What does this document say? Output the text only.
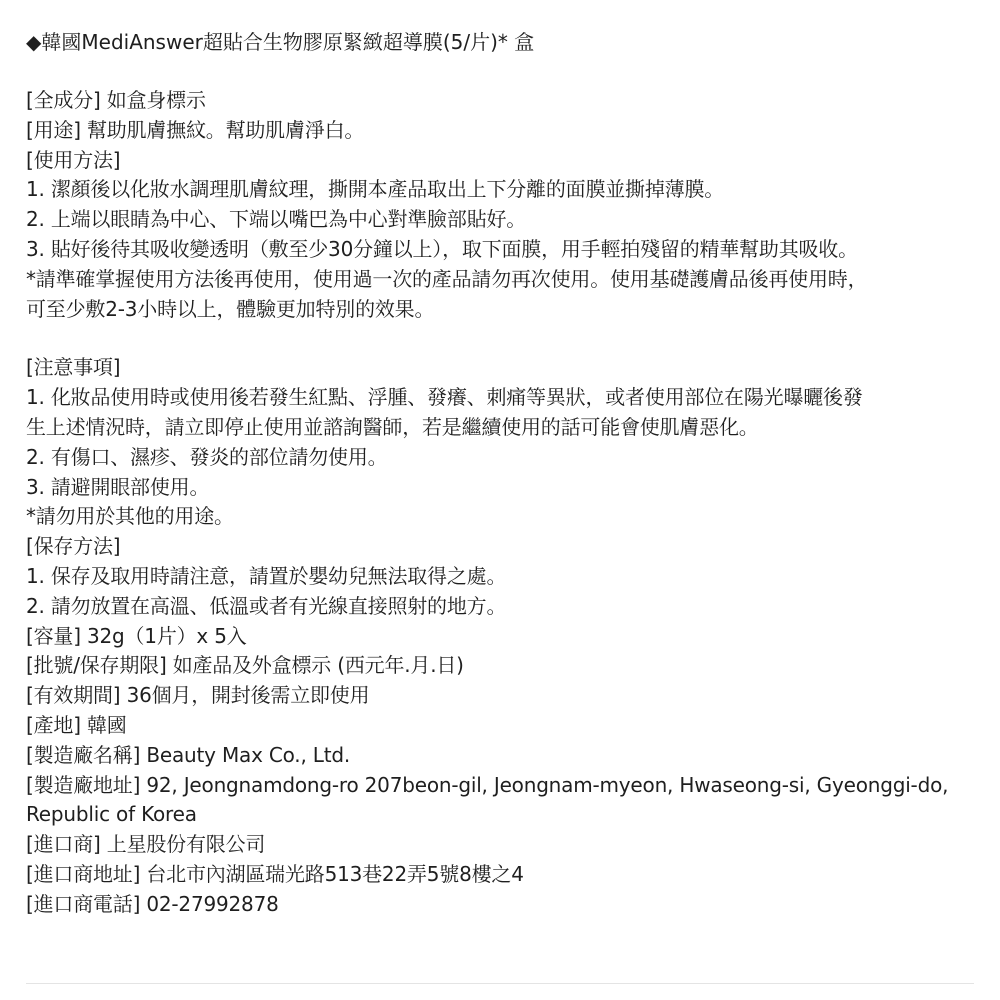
◆韓國MediAnswer超貼合生物膠原緊緻超導膜(5/片)* 盒
[全成分] 如盒身標示
[用途] 幫助肌膚撫紋。幫助肌膚淨白。
[使用方法]
1. 潔顏後以化妝水調理肌膚紋理，撕開本產品取出上下分離的面膜並撕掉薄膜。
2. 上端以眼睛為中心、下端以嘴巴為中心對準臉部貼好。
3. 貼好後待其吸收變透明（敷至少30分鐘以上），取下面膜，用手輕拍殘留的精華幫助其吸收。
*請準確掌握使用方法後再使用，使用過一次的產品請勿再次使用。使用基礎護膚品後再使用時，
可至少敷2-3小時以上，體驗更加特別的效果。
[注意事項]
1. 化妝品使用時或使用後若發生紅點、浮腫、發癢、刺痛等異狀，或者使用部位在陽光曝曬後發
生上述情況時，請立即停止使用並諮詢醫師，若是繼續使用的話可能會使肌膚惡化。
2. 有傷口、濕疹、發炎的部位請勿使用。
3. 請避開眼部使用。
*請勿用於其他的用途。
[保存方法]
1. 保存及取用時請注意，請置於嬰幼兒無法取得之處。
2. 請勿放置在高溫、低溫或者有光線直接照射的地方。
[容量] 32g（1片）x 5入
[批號/保存期限] 如產品及外盒標示 (西元年.月.日)
[有效期間] 36個月，開封後需立即使用
[產地] 韓國
[製造廠名稱] Beauty Max Co., Ltd.
[製造廠地址] 92, Jeongnamdong-ro 207beon-gil, Jeongnam-myeon, Hwaseong-si, Gyeonggi-do,
Republic of Korea
[進口商] 上星股份有限公司
[進口商地址] 台北市內湖區瑞光路513巷22弄5號8樓之4
[進口商電話] 02-27992878
